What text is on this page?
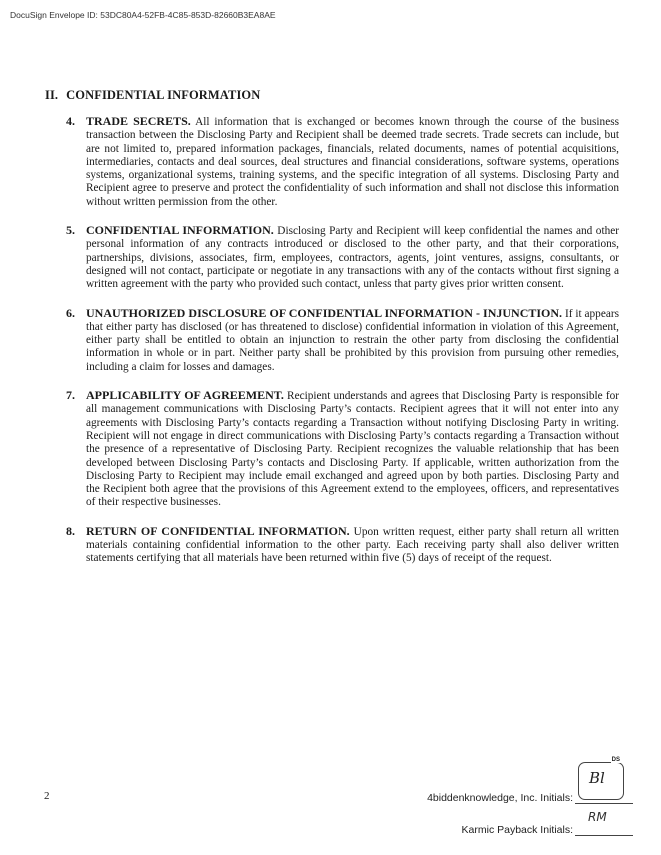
DocuSign Envelope ID: 53DC80A4-52FB-4C85-853D-82660B3EA8AE
II. CONFIDENTIAL INFORMATION
4. TRADE SECRETS. All information that is exchanged or becomes known through the course of the business transaction between the Disclosing Party and Recipient shall be deemed trade secrets. Trade secrets can include, but are not limited to, prepared information packages, financials, related documents, names of potential acquisitions, intermediaries, contacts and deal sources, deal structures and financial considerations, software systems, operations systems, organizational systems, training systems, and the specific integration of all systems. Disclosing Party and Recipient agree to preserve and protect the confidentiality of such information and shall not disclose this information without written permission from the other.
5. CONFIDENTIAL INFORMATION. Disclosing Party and Recipient will keep confidential the names and other personal information of any contracts introduced or disclosed to the other party, and that their corporations, partnerships, divisions, associates, firm, employees, contractors, agents, joint ventures, assigns, consultants, or designed will not contact, participate or negotiate in any transactions with any of the contacts without first signing a written agreement with the party who provided such contact, unless that party gives prior written consent.
6. UNAUTHORIZED DISCLOSURE OF CONFIDENTIAL INFORMATION - INJUNCTION. If it appears that either party has disclosed (or has threatened to disclose) confidential information in violation of this Agreement, either party shall be entitled to obtain an injunction to restrain the other party from disclosing the confidential information in whole or in part. Neither party shall be prohibited by this provision from pursuing other remedies, including a claim for losses and damages.
7. APPLICABILITY OF AGREEMENT. Recipient understands and agrees that Disclosing Party is responsible for all management communications with Disclosing Party’s contacts. Recipient agrees that it will not enter into any agreements with Disclosing Party’s contacts regarding a Transaction without notifying Disclosing Party in writing. Recipient will not engage in direct communications with Disclosing Party’s contacts regarding a Transaction without the presence of a representative of Disclosing Party. Recipient recognizes the valuable relationship that has been developed between Disclosing Party’s contacts and Disclosing Party. If applicable, written authorization from the Disclosing Party to Recipient may include email exchanged and agreed upon by both parties. Disclosing Party and the Recipient both agree that the provisions of this Agreement extend to the employees, officers, and representatives of their respective businesses.
8. RETURN OF CONFIDENTIAL INFORMATION. Upon written request, either party shall return all written materials containing confidential information to the other party. Each receiving party shall also deliver written statements certifying that all materials have been returned within five (5) days of receipt of the request.
2	4biddenknowledge, Inc. Initials:
DS
Bl
Karmic Payback Initials:
RM
